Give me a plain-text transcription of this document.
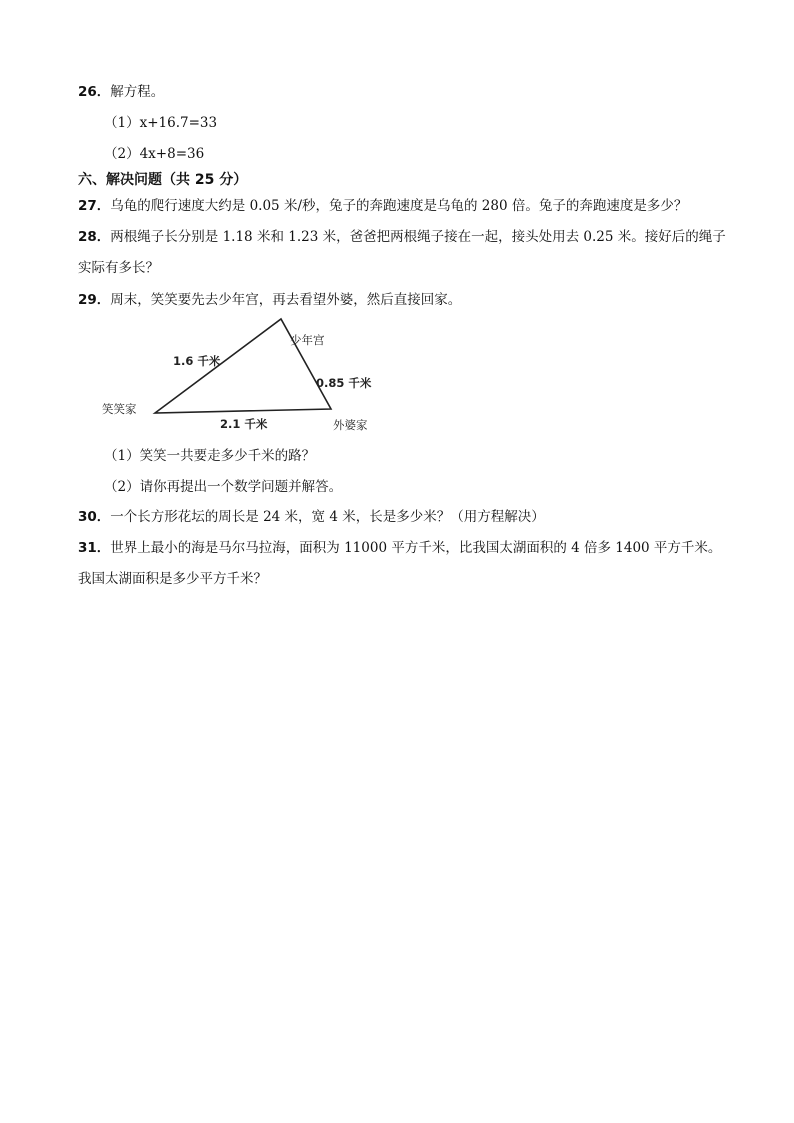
26．解方程。
（1）x+16.7=33
（2）4x+8=36
六、解决问题（共 25 分）
27．乌龟的爬行速度大约是 0.05 米/秒，兔子的奔跑速度是乌龟的 280 倍。兔子的奔跑速度是多少？
28．两根绳子长分别是 1.18 米和 1.23 米，爸爸把两根绳子接在一起，接头处用去 0.25 米。接好后的绳子
实际有多长？
29．周末，笑笑要先去少年宫，再去看望外婆，然后直接回家。
笑笑家
少年宫
外婆家
1.6 千米
0.85 千米
2.1 千米
（1）笑笑一共要走多少千米的路？
（2）请你再提出一个数学问题并解答。
30．一个长方形花坛的周长是 24 米，宽 4 米，长是多少米？（用方程解决）
31．世界上最小的海是马尔马拉海，面积为 11000 平方千米，比我国太湖面积的 4 倍多 1400 平方千米。
我国太湖面积是多少平方千米？
